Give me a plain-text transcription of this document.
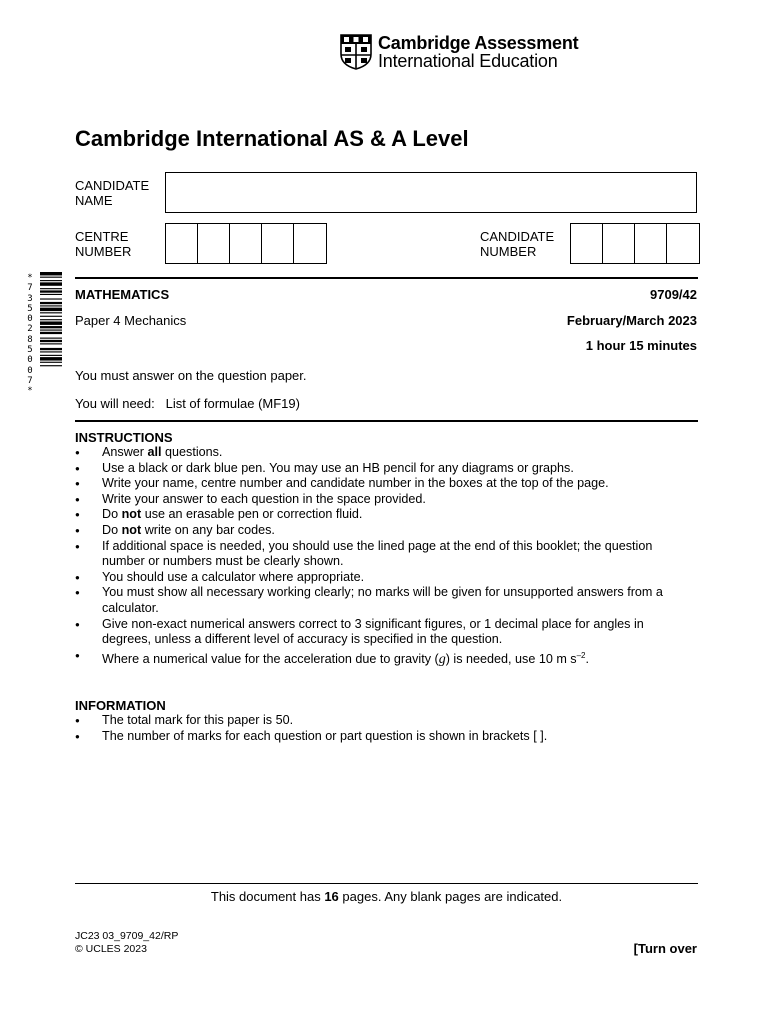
Cambridge Assessment
International Education
Cambridge International AS & A Level
CANDIDATE
NAME
CENTRE
NUMBER
CANDIDATE
NUMBER
*
7
3
5
0
2
8
5
0
0
7
*
MATHEMATICS	9709/42
Paper 4 Mechanics	February/March 2023
1 hour 15 minutes
You must answer on the question paper.
You will need: List of formulae (MF19)
INSTRUCTIONS
● Answer all questions.
● Use a black or dark blue pen. You may use an HB pencil for any diagrams or graphs.
● Write your name, centre number and candidate number in the boxes at the top of the page.
● Write your answer to each question in the space provided.
● Do not use an erasable pen or correction fluid.
● Do not write on any bar codes.
● If additional space is needed, you should use the lined page at the end of this booklet; the question number or numbers must be clearly shown.
● You should use a calculator where appropriate.
● You must show all necessary working clearly; no marks will be given for unsupported answers from a calculator.
● Give non-exact numerical answers correct to 3 significant figures, or 1 decimal place for angles in degrees, unless a different level of accuracy is specified in the question.
● Where a numerical value for the acceleration due to gravity (g) is needed, use 10 m $s^{-2}$.
INFORMATION
● The total mark for this paper is 50.
● The number of marks for each question or part question is shown in brackets [ ].
This document has 16 pages. Any blank pages are indicated.
JC23 03_9709_42/RP
© UCLES 2023	[Turn over
